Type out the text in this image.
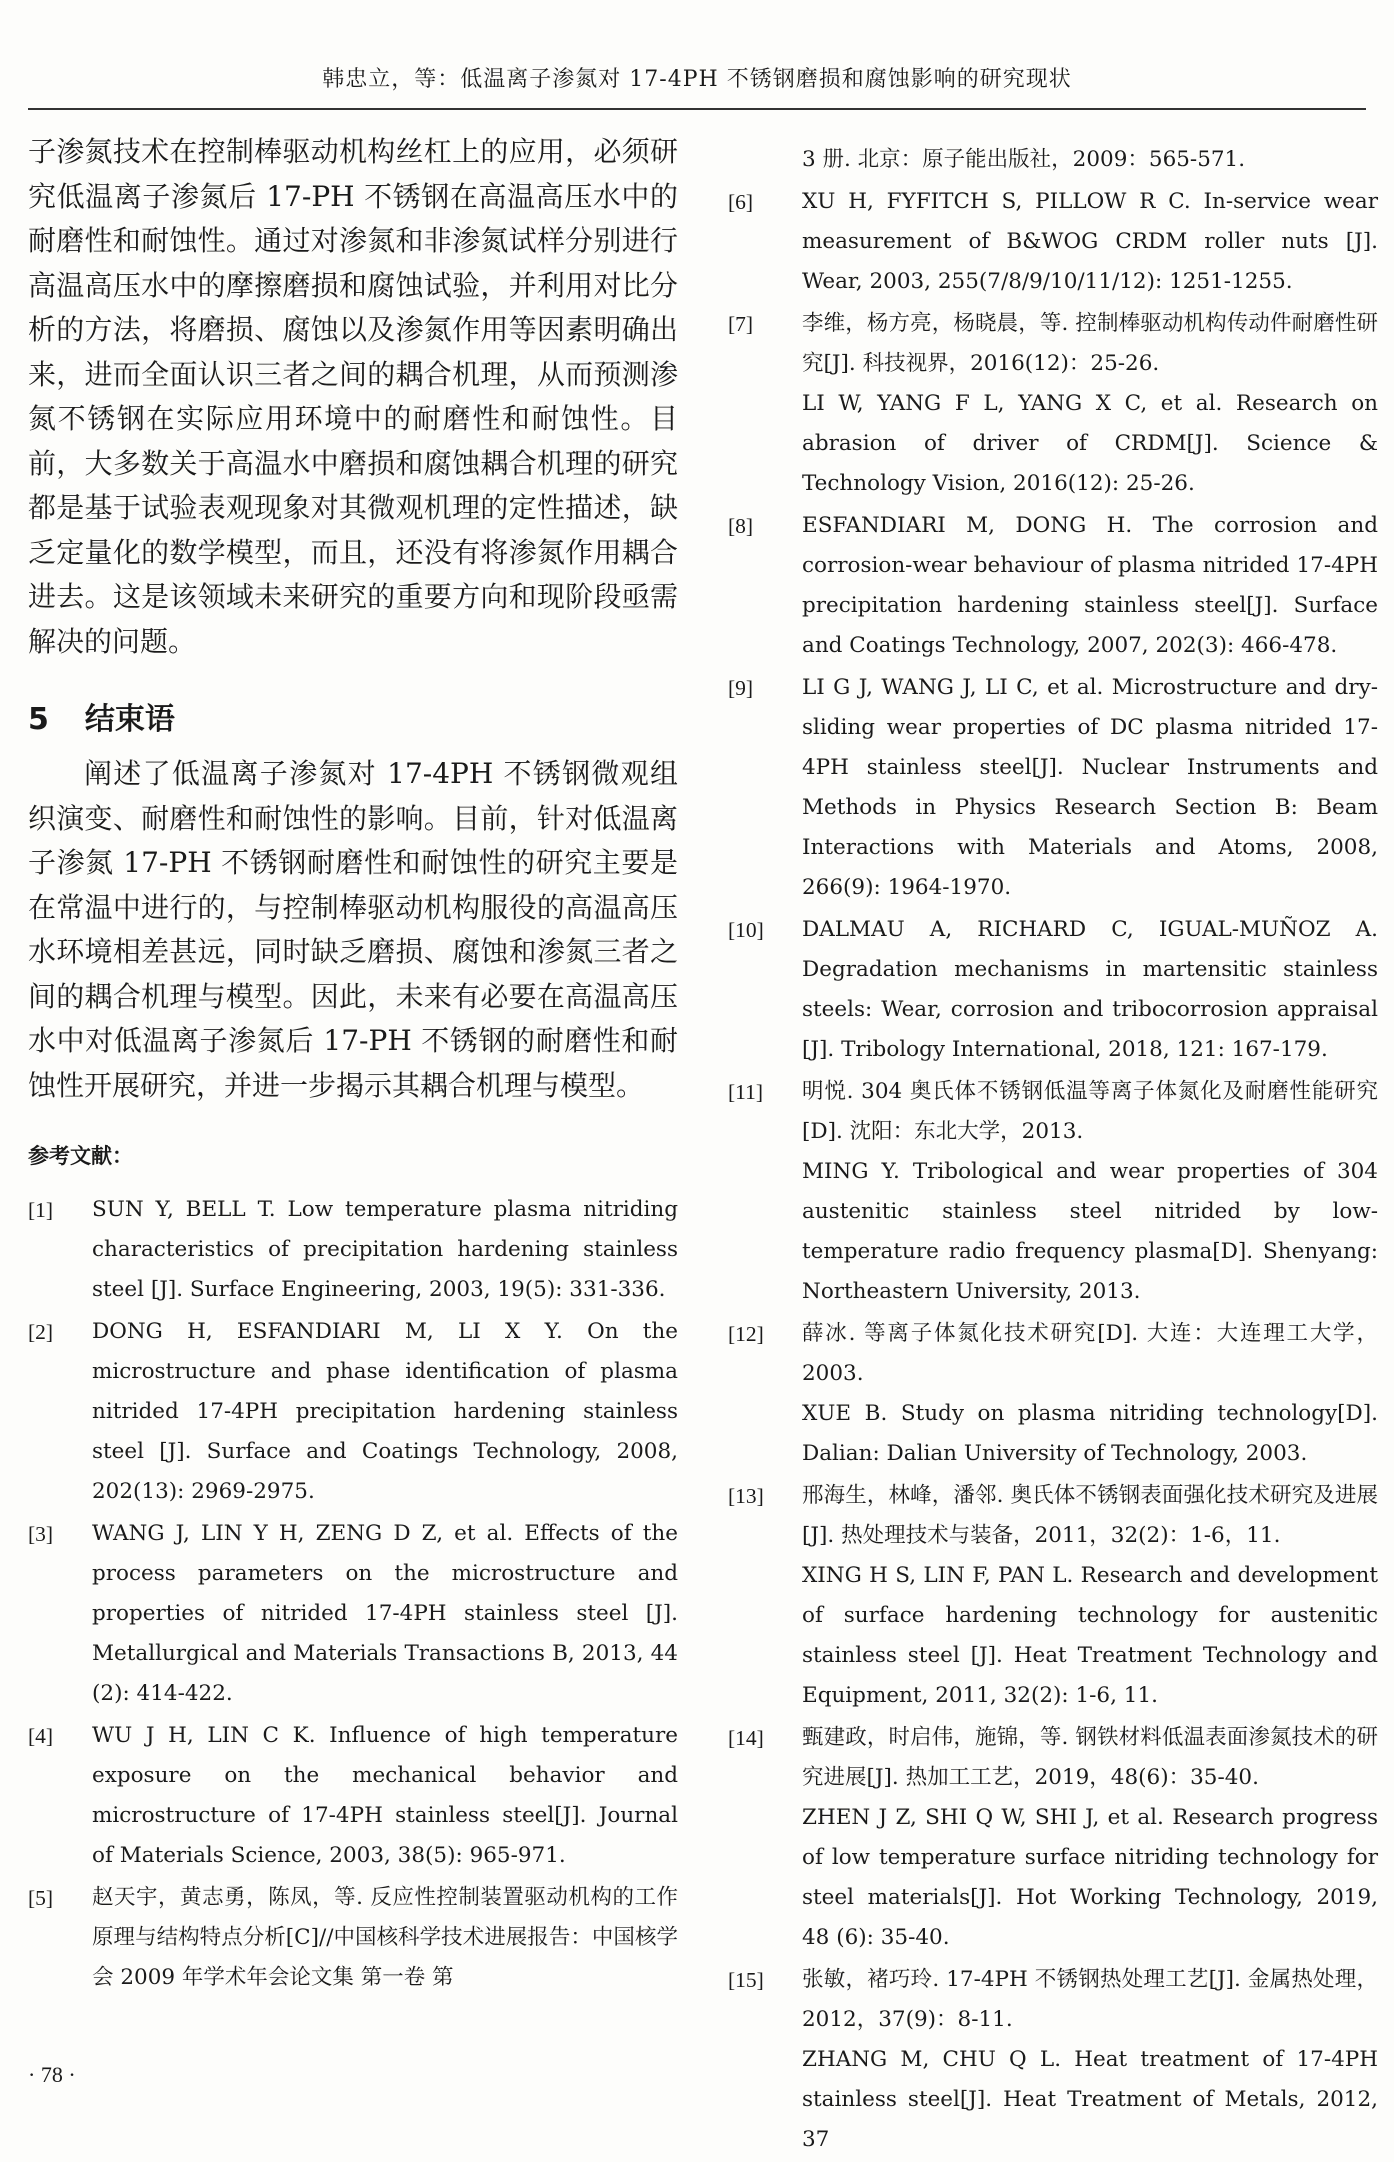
韩忠立，等：低温离子渗氮对 17-4PH 不锈钢磨损和腐蚀影响的研究现状

子渗氮技术在控制棒驱动机构丝杠上的应用，必须研究低温离子渗氮后 17-PH 不锈钢在高温高压水中的耐磨性和耐蚀性。通过对渗氮和非渗氮试样分别进行高温高压水中的摩擦磨损和腐蚀试验，并利用对比分析的方法，将磨损、腐蚀以及渗氮作用等因素明确出来，进而全面认识三者之间的耦合机理，从而预测渗氮不锈钢在实际应用环境中的耐磨性和耐蚀性。目前，大多数关于高温水中磨损和腐蚀耦合机理的研究都是基于试验表观现象对其微观机理的定性描述，缺乏定量化的数学模型，而且，还没有将渗氮作用耦合进去。这是该领域未来研究的重要方向和现阶段亟需解决的问题。

5 结束语

阐述了低温离子渗氮对 17-4PH 不锈钢微观组织演变、耐磨性和耐蚀性的影响。目前，针对低温离子渗氮 17-PH 不锈钢耐磨性和耐蚀性的研究主要是在常温中进行的，与控制棒驱动机构服役的高温高压水环境相差甚远，同时缺乏磨损、腐蚀和渗氮三者之间的耦合机理与模型。因此，未来有必要在高温高压水中对低温离子渗氮后 17-PH 不锈钢的耐磨性和耐蚀性开展研究，并进一步揭示其耦合机理与模型。

参考文献：
[1]	SUN Y, BELL T. Low temperature plasma nitriding characteristics of precipitation hardening stainless steel [J]. Surface Engineering, 2003, 19(5): 331-336.

[2]	DONG H, ESFANDIARI M, LI X Y. On the microstructure and phase identification of plasma nitrided 17-4PH precipitation hardening stainless steel [J]. Surface and Coatings Technology, 2008, 202(13): 2969-2975.

[3]	WANG J, LIN Y H, ZENG D Z, et al. Effects of the process parameters on the microstructure and properties of nitrided 17-4PH stainless steel [J]. Metallurgical and Materials Transactions B, 2013, 44 (2): 414-422.

[4]	WU J H, LIN C K. Influence of high temperature exposure on the mechanical behavior and microstructure of 17-4PH stainless steel[J]. Journal of Materials Science, 2003, 38(5): 965-971.

[5]	赵天宇，黄志勇，陈凤，等. 反应性控制装置驱动机构的工作原理与结构特点分析[C]//中国核科学技术进展报告：中国核学会 2009 年学术年会论文集 第一卷 第

3 册. 北京：原子能出版社，2009：565-571.

[6]	XU H, FYFITCH S, PILLOW R C. In-service wear measurement of B&WOG CRDM roller nuts [J]. Wear, 2003, 255(7/8/9/10/11/12): 1251-1255.

[7]	李维，杨方亮，杨晓晨，等. 控制棒驱动机构传动件耐磨性研究[J]. 科技视界，2016(12)：25-26.

LI W, YANG F L, YANG X C, et al. Research on abrasion of driver of CRDM[J]. Science & Technology Vision, 2016(12): 25-26.

[8]	ESFANDIARI M, DONG H. The corrosion and corrosion-wear behaviour of plasma nitrided 17-4PH precipitation hardening stainless steel[J]. Surface and Coatings Technology, 2007, 202(3): 466-478.

[9]	LI G J, WANG J, LI C, et al. Microstructure and dry-sliding wear properties of DC plasma nitrided 17-4PH stainless steel[J]. Nuclear Instruments and Methods in Physics Research Section B: Beam Interactions with Materials and Atoms, 2008, 266(9): 1964-1970.

[10]	DALMAU A, RICHARD C, IGUAL-MUÑOZ A. Degradation mechanisms in martensitic stainless steels: Wear, corrosion and tribocorrosion appraisal [J]. Tribology International, 2018, 121: 167-179.

[11]	明悦. 304 奥氏体不锈钢低温等离子体氮化及耐磨性能研究[D]. 沈阳：东北大学，2013.

MING Y. Tribological and wear properties of 304 austenitic stainless steel nitrided by low-temperature radio frequency plasma[D]. Shenyang: Northeastern University, 2013.

[12]	薛冰. 等离子体氮化技术研究[D]. 大连：大连理工大学，2003.

XUE B. Study on plasma nitriding technology[D]. Dalian: Dalian University of Technology, 2003.

[13]	邢海生，林峰，潘邻. 奥氏体不锈钢表面强化技术研究及进展[J]. 热处理技术与装备，2011，32(2)：1-6，11.

XING H S, LIN F, PAN L. Research and development of surface hardening technology for austenitic stainless steel [J]. Heat Treatment Technology and Equipment, 2011, 32(2): 1-6, 11.

[14]	甄建政，时启伟，施锦，等. 钢铁材料低温表面渗氮技术的研究进展[J]. 热加工工艺，2019，48(6)：35-40.

ZHEN J Z, SHI Q W, SHI J, et al. Research progress of low temperature surface nitriding technology for steel materials[J]. Hot Working Technology, 2019, 48 (6): 35-40.

[15]	张敏，褚巧玲. 17-4PH 不锈钢热处理工艺[J]. 金属热处理，2012，37(9)：8-11.

ZHANG M, CHU Q L. Heat treatment of 17-4PH stainless steel[J]. Heat Treatment of Metals, 2012, 37

· 78 ·
